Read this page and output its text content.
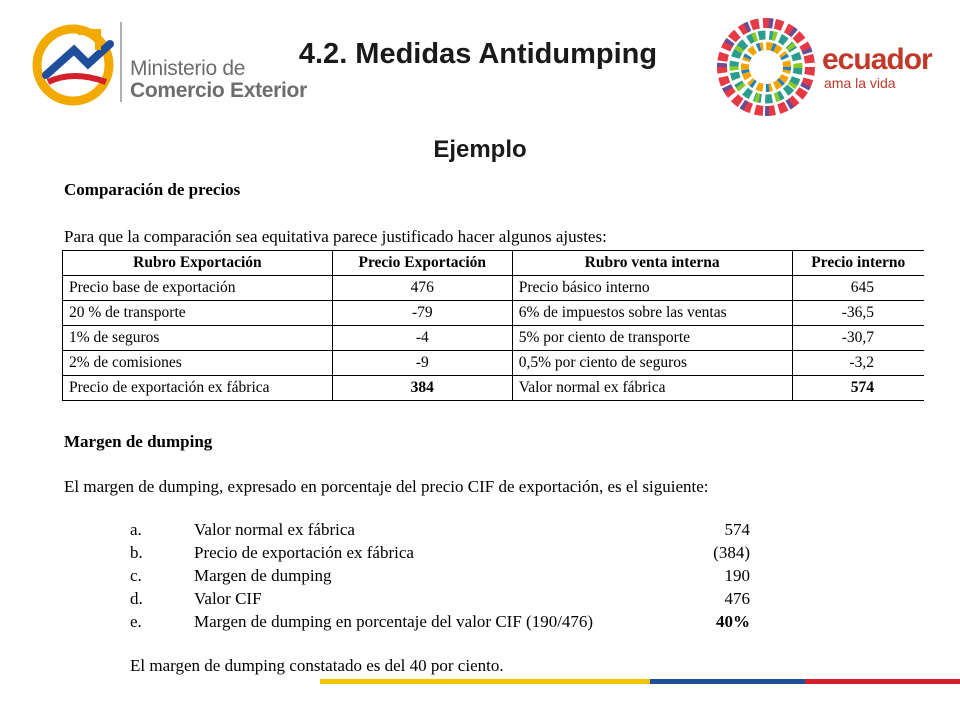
Ministerio de
Comercio Exterior
4.2. Medidas Antidumping	ecuador
ama la vida
Ejemplo
Comparación de precios
Para que la comparación sea equitativa parece justificado hacer algunos ajustes:
Rubro Exportación	Precio Exportación	Rubro venta interna	Precio interno
Precio base de exportación	476	Precio básico interno	645
20 % de transporte	-79	6% de impuestos sobre las ventas	-36,5
1% de seguros	-4	5% por ciento de transporte	-30,7
2% de comisiones	-9	0,5% por ciento de seguros	-3,2
Precio de exportación ex fábrica	384	Valor normal ex fábrica	574
Margen de dumping
El margen de dumping, expresado en porcentaje del precio CIF de exportación, es el siguiente:
a.	Valor normal ex fábrica	574
b.	Precio de exportación ex fábrica	(384)
c.	Margen de dumping	190
d.	Valor CIF	476
e.	Margen de dumping en porcentaje del valor CIF (190/476)	40%
El margen de dumping constatado es del 40 por ciento.
